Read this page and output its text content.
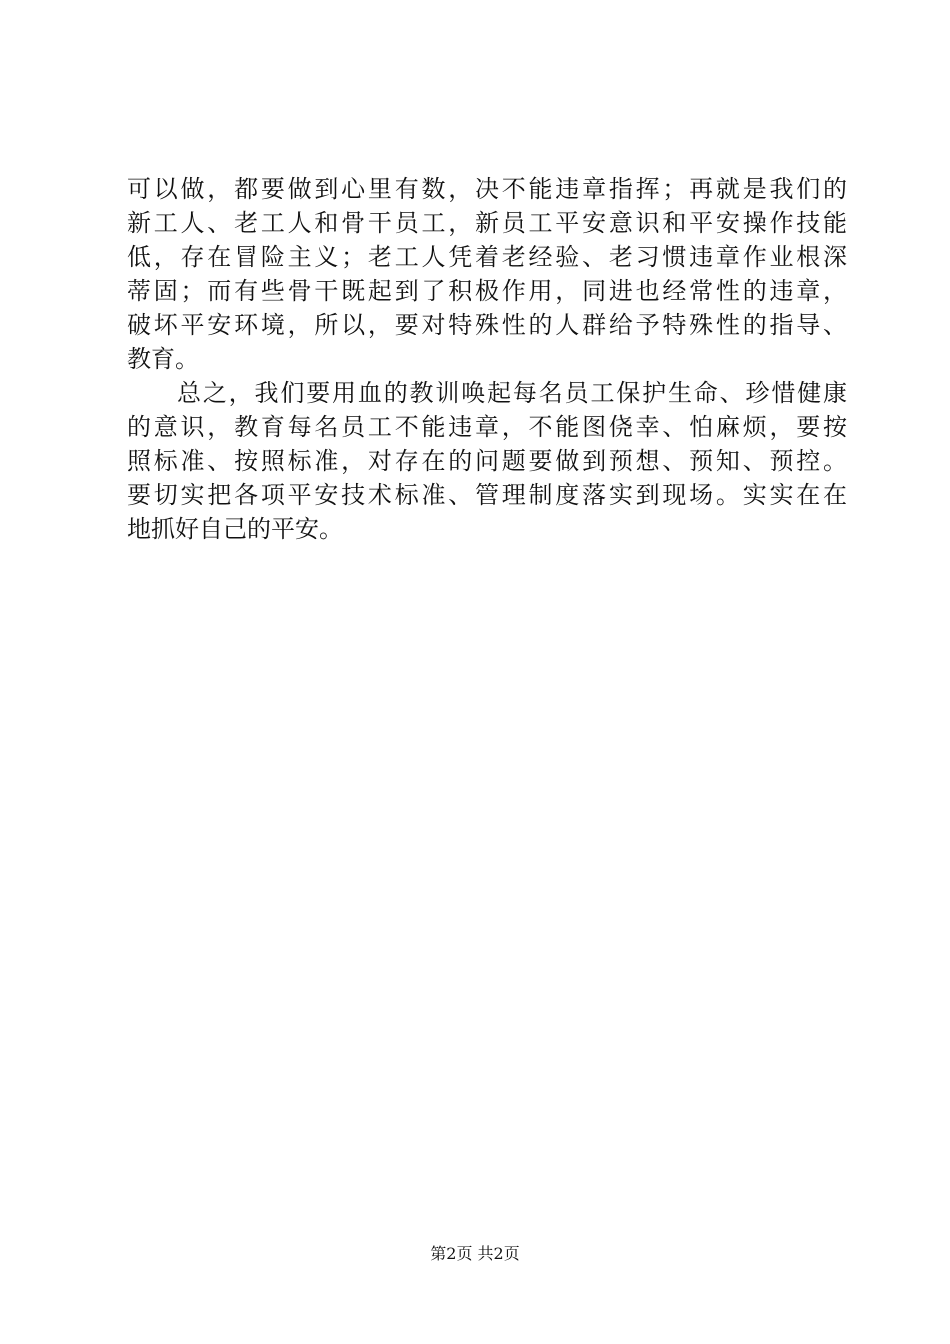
可以做，都要做到心里有数，决不能违章指挥；再就是我们的
新工人、老工人和骨干员工，新员工平安意识和平安操作技能
低，存在冒险主义；老工人凭着老经验、老习惯违章作业根深
蒂固；而有些骨干既起到了积极作用，同进也经常性的违章，
破坏平安环境，所以，要对特殊性的人群给予特殊性的指导、
教育。
总之，我们要用血的教训唤起每名员工保护生命、珍惜健康
的意识，教育每名员工不能违章，不能图侥幸、怕麻烦，要按
照标准、按照标准，对存在的问题要做到预想、预知、预控。
要切实把各项平安技术标准、管理制度落实到现场。实实在在
地抓好自己的平安。
第2页 共2页
